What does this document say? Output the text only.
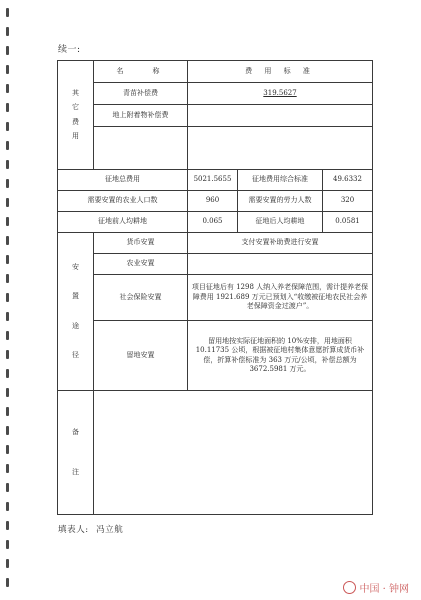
续一:
其
它
费
用	名　　称	费 用 标 准		
	青苗补偿费	319.5627		
	地上附着物补偿费			

征地总费用		5021.5655	征地费用综合标准	49.6332
需要安置的农业人口数		960	需要安置的劳力人数	320
征地前人均耕地		0.065	征地后人均耕地	0.0581

安
置
途
径	货币安置	支付安置补助费进行安置		
	农业安置			
	社会保险安置	项目征地后有 1298 人纳入养老保障范围，需计提养老保障费用 1921.689 万元已预划入“收缴被征地农民社会养老保障资金过渡户”。		
	留地安置	留用地按实际征地面积的 10%安排，用地面积 10.11735 公顷，根据被征地村集体意愿折算成货币补偿，折算补偿标准为 363 万元/公顷，补偿总额为 3672.5981 万元。		

备
注				

填表人: 冯立航
中国 · 钟网
